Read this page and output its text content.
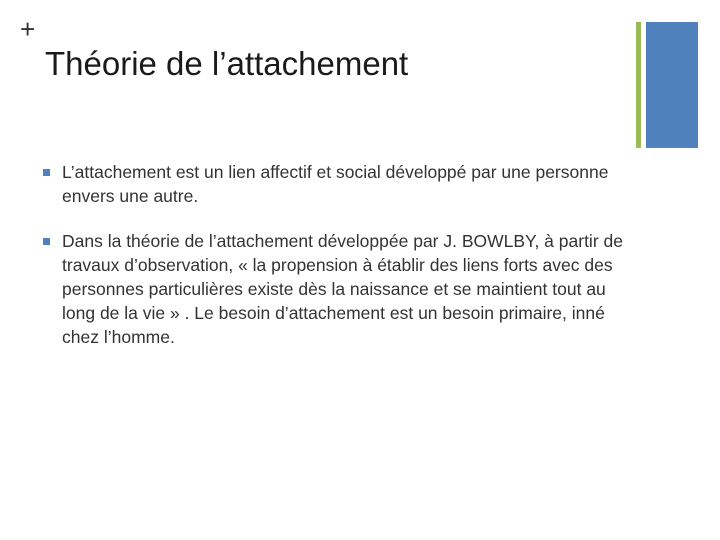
+
Théorie de l’attachement
L’attachement est un lien affectif et social développé par une personne envers une autre.
Dans la théorie de l’attachement développée par J. BOWLBY, à partir de travaux d’observation, « la propension à établir des liens forts avec des personnes particulières existe dès la naissance et se maintient tout au long de la vie » . Le besoin d’attachement est un besoin primaire, inné chez l’homme.
